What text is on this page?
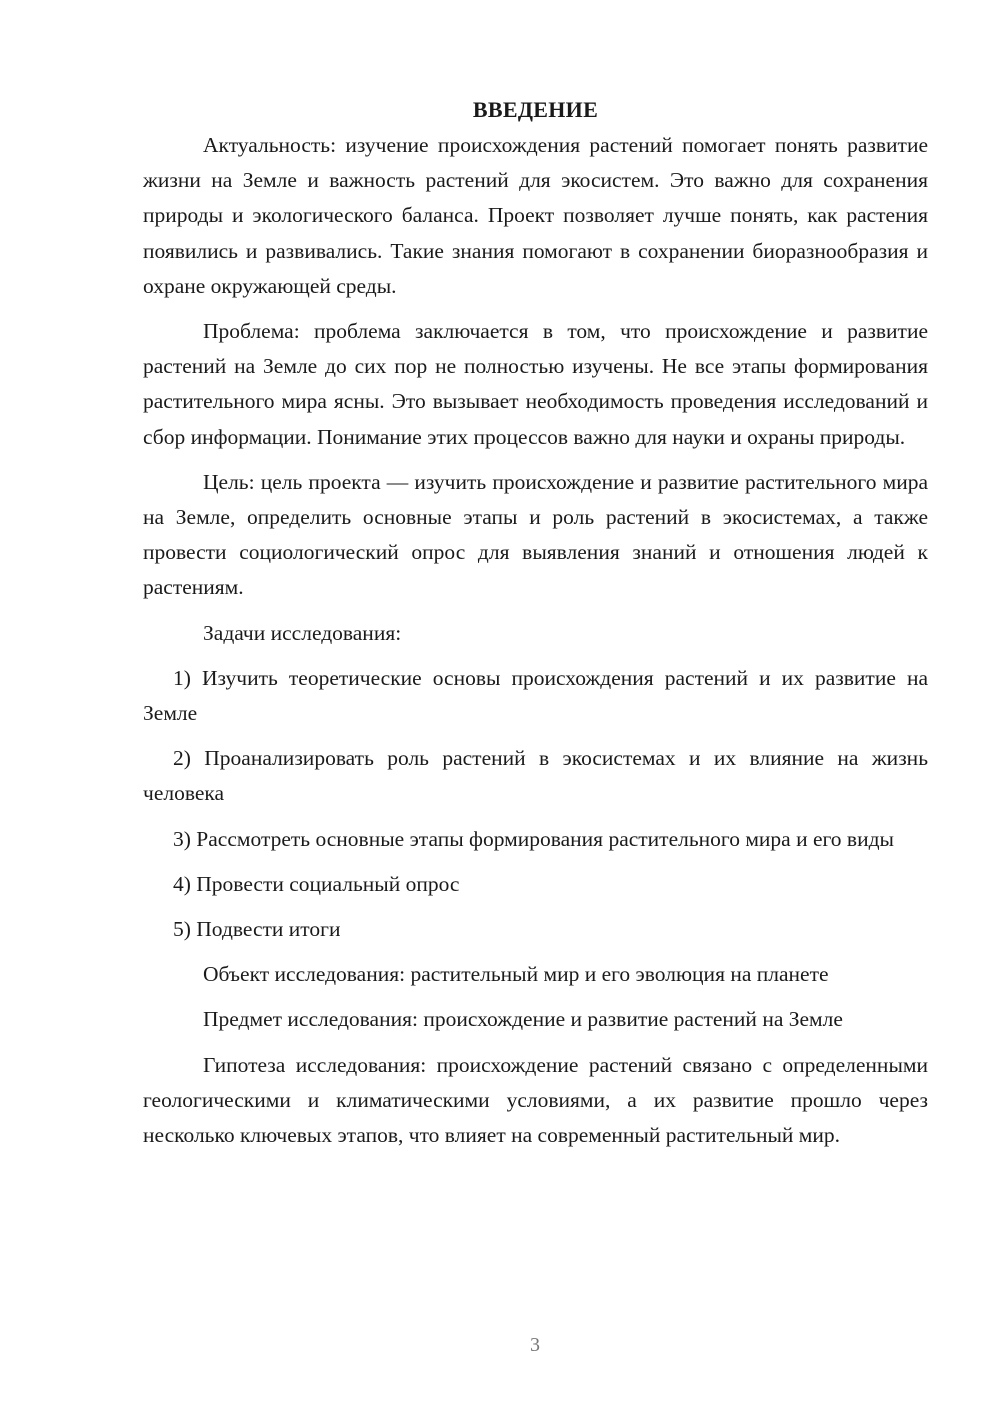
ВВЕДЕНИЕ

Актуальность: изучение происхождения растений помогает понять развитие жизни на Земле и важность растений для экосистем. Это важно для сохранения природы и экологического баланса. Проект позволяет лучше понять, как растения появились и развивались. Такие знания помогают в сохранении биоразнообразия и охране окружающей среды.

Проблема: проблема заключается в том, что происхождение и развитие растений на Земле до сих пор не полностью изучены. Не все этапы формирования растительного мира ясны. Это вызывает необходимость проведения исследований и сбор информации. Понимание этих процессов важно для науки и охраны природы.

Цель: цель проекта — изучить происхождение и развитие растительного мира на Земле, определить основные этапы и роль растений в экосистемах, а также провести социологический опрос для выявления знаний и отношения людей к растениям.

Задачи исследования:

1) Изучить теоретические основы происхождения растений и их развитие на Земле

2) Проанализировать роль растений в экосистемах и их влияние на жизнь человека

3) Рассмотреть основные этапы формирования растительного мира и его виды

4) Провести социальный опрос

5) Подвести итоги

Объект исследования: растительный мир и его эволюция на планете

Предмет исследования: происхождение и развитие растений на Земле

Гипотеза исследования: происхождение растений связано с определенными геологическими и климатическими условиями, а их развитие прошло через несколько ключевых этапов, что влияет на современный растительный мир.

3
